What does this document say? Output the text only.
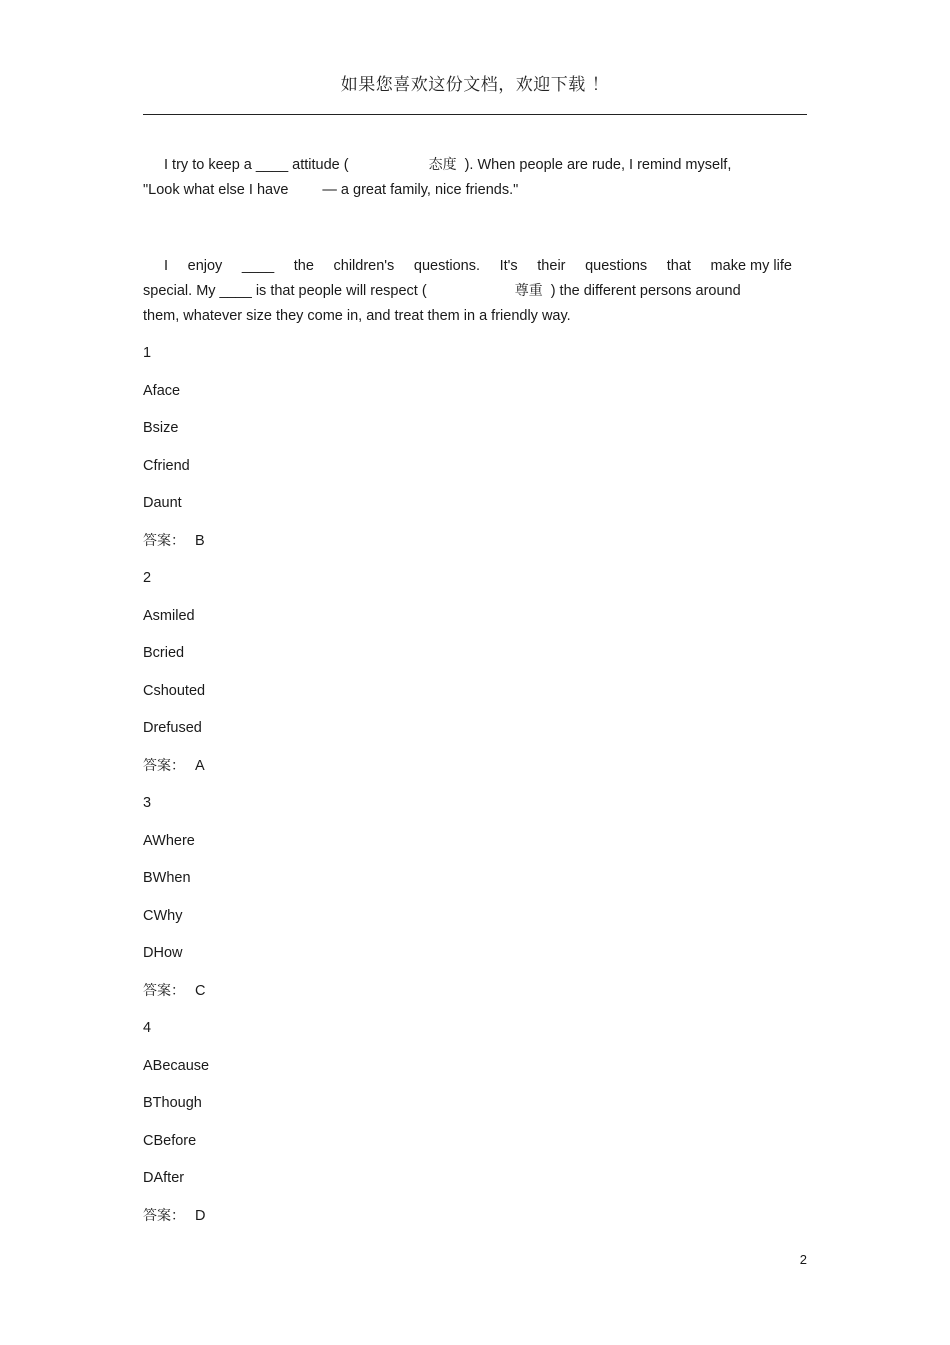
如果您喜欢这份文档，欢迎下载 ！
I try to keep a ____ attitude (	态度 ). When people are rude, I remind myself,
"Look what else I have — a great family, nice friends."
I enjoy ____ the children's questions. It's their questions that make my life
special. My ____ is that people will respect (	尊重 ) the different persons around
them, whatever size they come in, and treat them in a friendly way.
1
Aface
Bsize
Cfriend
Daunt
答案： B
2
Asmiled
Bcried
Cshouted
Drefused
答案： A
3
AWhere
BWhen
CWhy
DHow
答案： C
4
ABecause
BThough
CBefore
DAfter
答案： D
2
